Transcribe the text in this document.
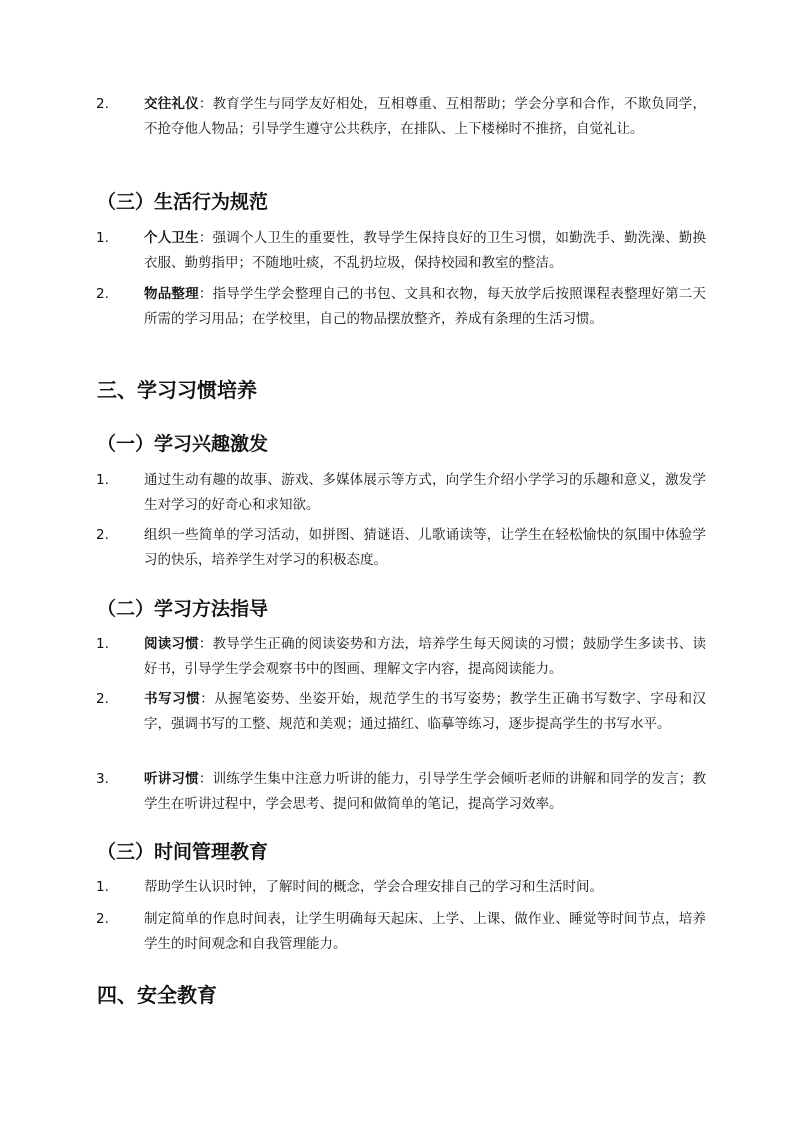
2.	交往礼仪：教育学生与同学友好相处，互相尊重、互相帮助；学会分享和合作，不欺负同学，不抢夺他人物品；引导学生遵守公共秩序，在排队、上下楼梯时不推挤，自觉礼让。
（三）生活行为规范
1.	个人卫生：强调个人卫生的重要性，教导学生保持良好的卫生习惯，如勤洗手、勤洗澡、勤换衣服、勤剪指甲；不随地吐痰，不乱扔垃圾，保持校园和教室的整洁。
2.	物品整理：指导学生学会整理自己的书包、文具和衣物，每天放学后按照课程表整理好第二天所需的学习用品；在学校里，自己的物品摆放整齐，养成有条理的生活习惯。
三、学习习惯培养
（一）学习兴趣激发
1.	通过生动有趣的故事、游戏、多媒体展示等方式，向学生介绍小学学习的乐趣和意义，激发学生对学习的好奇心和求知欲。
2.	组织一些简单的学习活动，如拼图、猜谜语、儿歌诵读等，让学生在轻松愉快的氛围中体验学习的快乐，培养学生对学习的积极态度。
（二）学习方法指导
1.	阅读习惯：教导学生正确的阅读姿势和方法，培养学生每天阅读的习惯；鼓励学生多读书、读好书，引导学生学会观察书中的图画、理解文字内容，提高阅读能力。
2.	书写习惯：从握笔姿势、坐姿开始，规范学生的书写姿势；教学生正确书写数字、字母和汉字，强调书写的工整、规范和美观；通过描红、临摹等练习，逐步提高学生的书写水平。
3.	听讲习惯：训练学生集中注意力听讲的能力，引导学生学会倾听老师的讲解和同学的发言；教学生在听讲过程中，学会思考、提问和做简单的笔记，提高学习效率。
（三）时间管理教育
1.	帮助学生认识时钟，了解时间的概念，学会合理安排自己的学习和生活时间。
2.	制定简单的作息时间表，让学生明确每天起床、上学、上课、做作业、睡觉等时间节点，培养学生的时间观念和自我管理能力。
四、安全教育
